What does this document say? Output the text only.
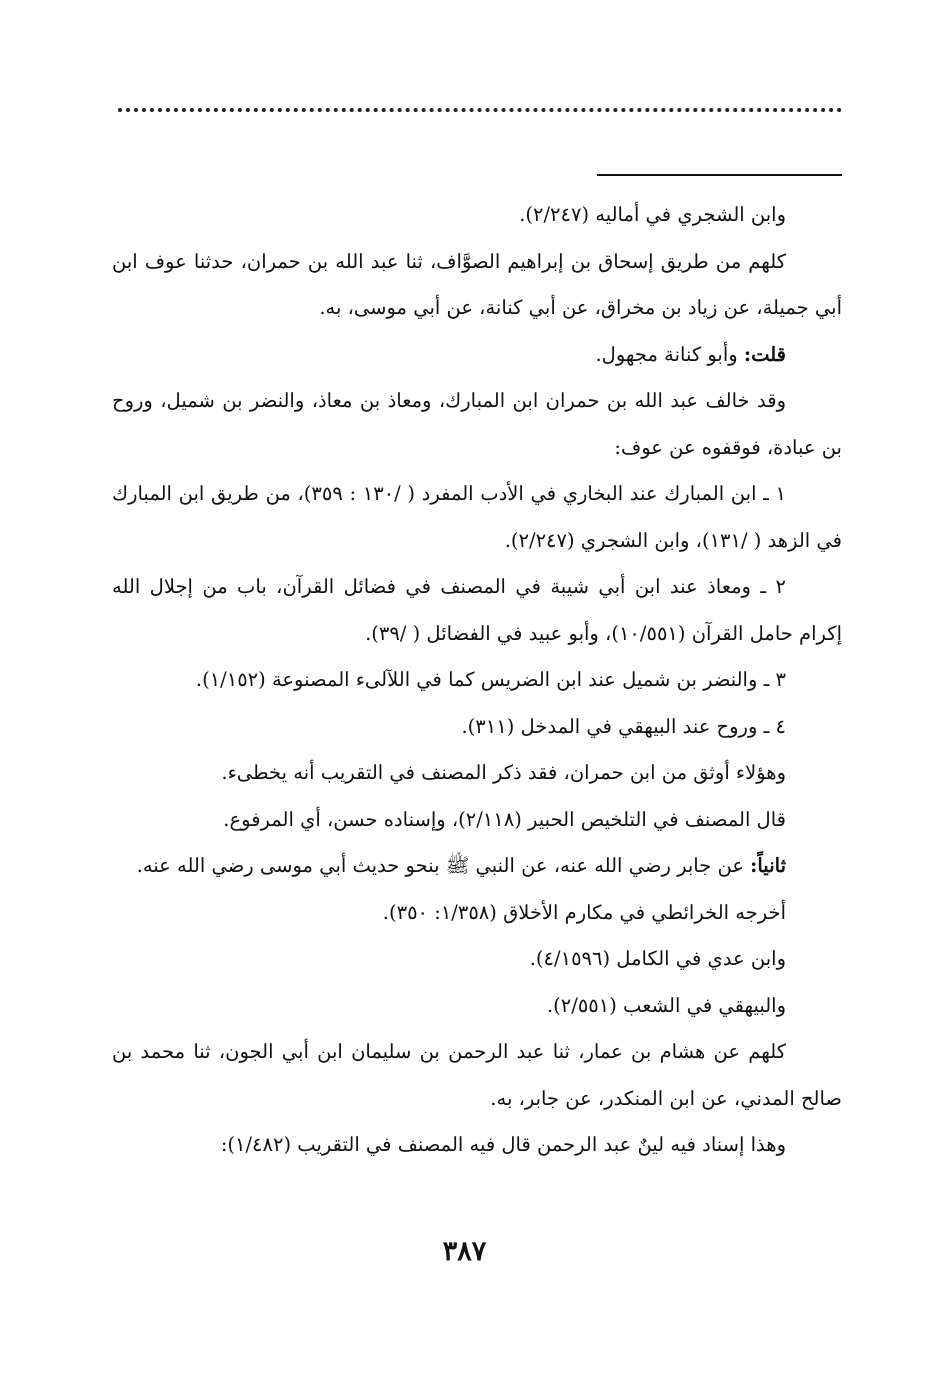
وابن الشجري في أماليه (٢/٢٤٧).

كلهم من طريق إسحاق بن إبراهيم الصوَّاف، ثنا عبد الله بن حمران، حدثنا عوف ابن أبي جميلة، عن زياد بن مخراق، عن أبي كنانة، عن أبي موسى، به.

قلت: وأبو كنانة مجهول.

وقد خالف عبد الله بن حمران ابن المبارك، ومعاذ بن معاذ، والنضر بن شميل، وروح بن عبادة، فوقفوه عن عوف:

١ ـ ابن المبارك عند البخاري في الأدب المفرد ( /١٣٠ : ٣٥٩)، من طريق ابن المبارك في الزهد ( /١٣١)، وابن الشجري (٢/٢٤٧).

٢ ـ ومعاذ عند ابن أبي شيبة في المصنف في فضائل القرآن، باب من إجلال الله إكرام حامل القرآن (١٠/٥٥١)، وأبو عبيد في الفضائل ( /٣٩).

٣ ـ والنضر بن شميل عند ابن الضريس كما في اللآلىء المصنوعة (١/١٥٢).

٤ ـ وروح عند البيهقي في المدخل (٣١١).

وهؤلاء أوثق من ابن حمران، فقد ذكر المصنف في التقريب أنه يخطىء.

قال المصنف في التلخيص الحبير (٢/١١٨)، وإسناده حسن، أي المرفوع.

ثانياً: عن جابر رضي الله عنه، عن النبي ﷺ بنحو حديث أبي موسى رضي الله عنه.

أخرجه الخرائطي في مكارم الأخلاق (١/٣٥٨: ٣٥٠).

وابن عدي في الكامل (٤/١٥٩٦).

والبيهقي في الشعب (٢/٥٥١).

كلهم عن هشام بن عمار، ثنا عبد الرحمن بن سليمان ابن أبي الجون، ثنا محمد بن صالح المدني، عن ابن المنكدر، عن جابر، به.

وهذا إسناد فيه لينٌ عبد الرحمن قال فيه المصنف في التقريب (١/٤٨٢):

٣٨٧
